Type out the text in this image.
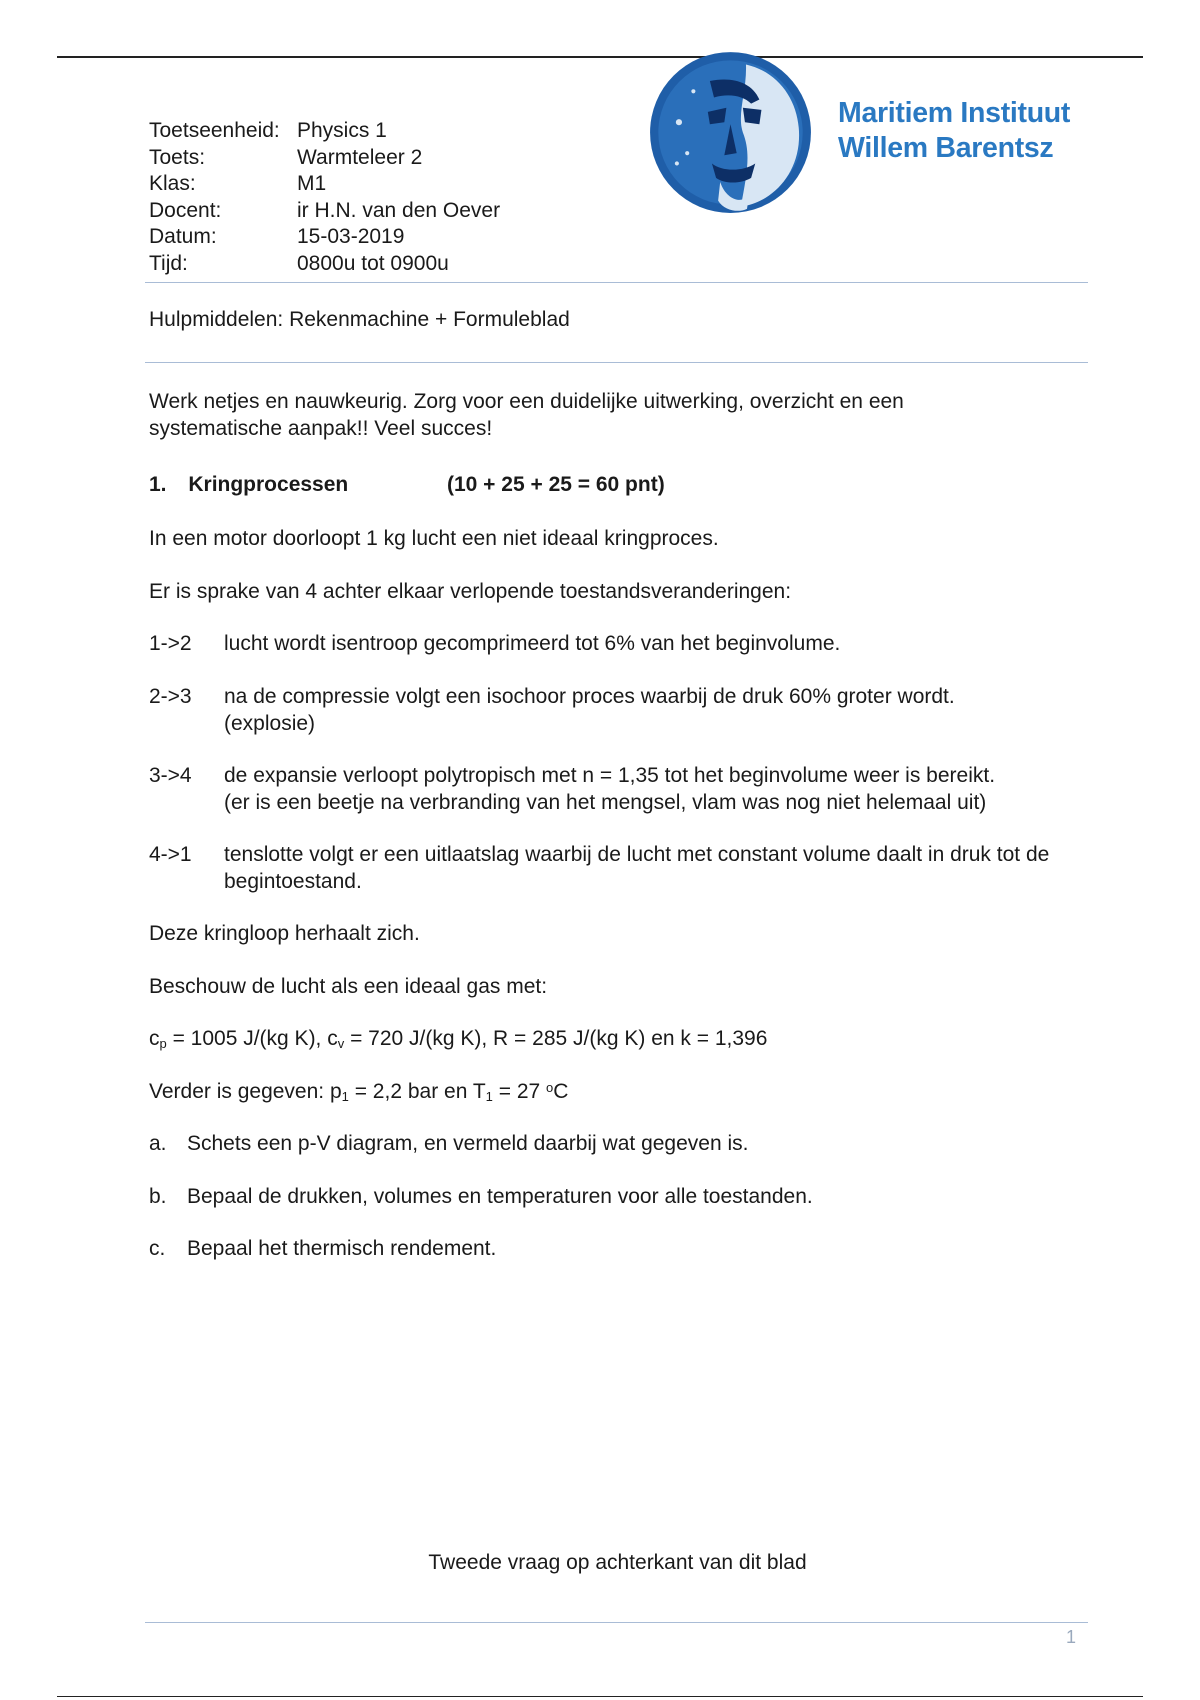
Toetseenheid: Physics 1
Toets:	Warmteleer 2
Klas:	M1
Docent:	ir H.N. van den Oever
Datum:	15-03-2019
Tijd:	0800u tot 0900u
Maritiem Instituut
Willem Barentsz
Hulpmiddelen: Rekenmachine + Formuleblad
Werk netjes en nauwkeurig. Zorg voor een duidelijke uitwerking, overzicht en een systematische aanpak!! Veel succes!
1. Kringprocessen	(10 + 25 + 25 = 60 pnt)
In een motor doorloopt 1 kg lucht een niet ideaal kringproces.
Er is sprake van 4 achter elkaar verlopende toestandsveranderingen:
1->2	lucht wordt isentroop gecomprimeerd tot 6% van het beginvolume.
2->3	na de compressie volgt een isochoor proces waarbij de druk 60% groter wordt.
(explosie)
3->4	de expansie verloopt polytropisch met n = 1,35 tot het beginvolume weer is bereikt.
(er is een beetje na verbranding van het mengsel, vlam was nog niet helemaal uit)
4->1	tenslotte volgt er een uitlaatslag waarbij de lucht met constant volume daalt in druk tot de begintoestand.
Deze kringloop herhaalt zich.
Beschouw de lucht als een ideaal gas met:
$c_p = 1005$ J/(kg K), $c_v = 720$ J/(kg K), R = 285 J/(kg K) en k = 1,396
Verder is gegeven: $p_1 = 2,2$ bar en $T_1 = 27$ $^o$C
a. Schets een p-V diagram, en vermeld daarbij wat gegeven is.
b. Bepaal de drukken, volumes en temperaturen voor alle toestanden.
c.	Bepaal het thermisch rendement.
Tweede vraag op achterkant van dit blad
1
